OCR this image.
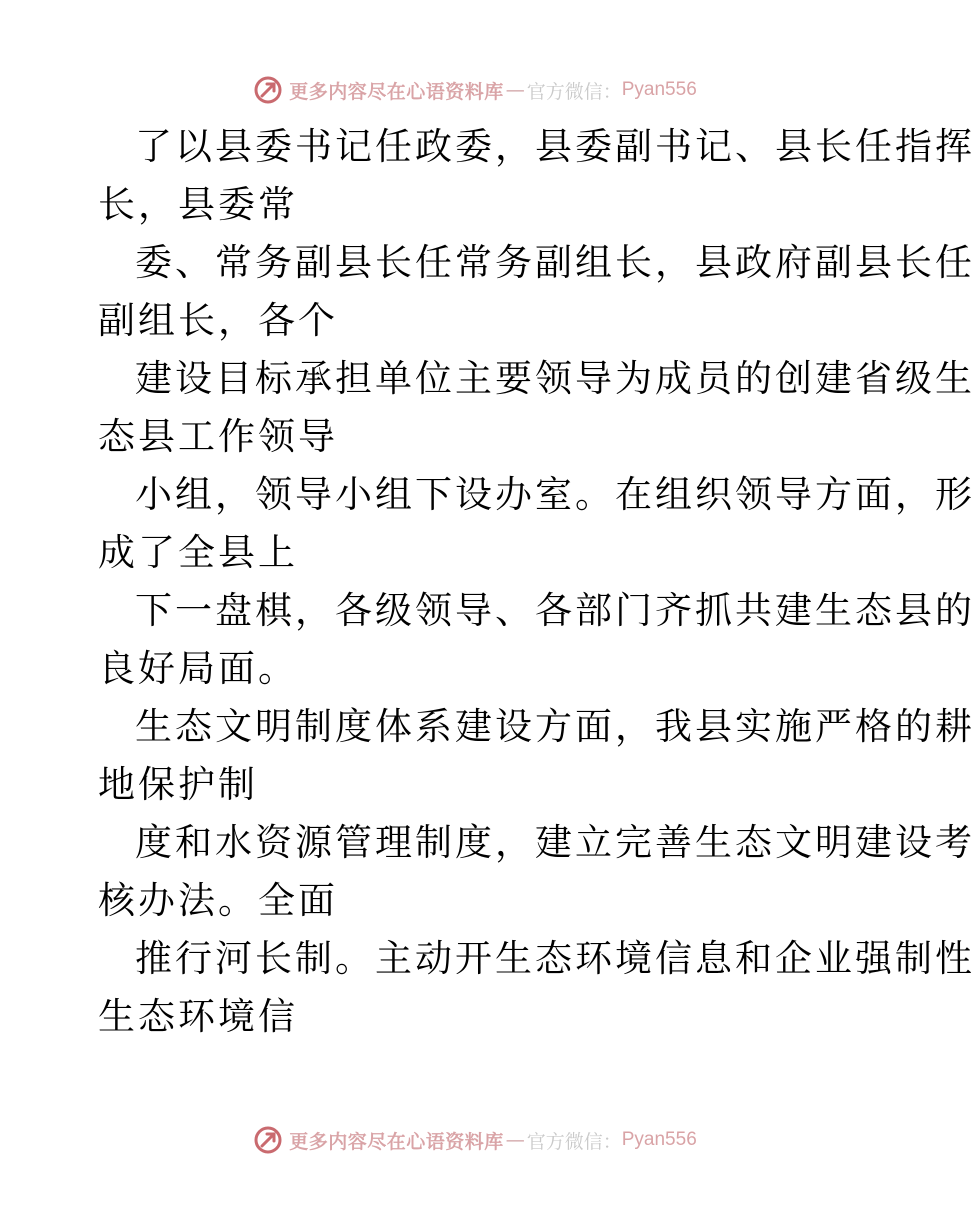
更多内容尽在心语资料库 — 官方微信： Pyan556
了以县委书记任政委，县委副书记、县长任指挥
长，县委常
委、常务副县长任常务副组长，县政府副县长任
副组长，各个
建设目标承担单位主要领导为成员的创建省级生
态县工作领导
小组，领导小组下设办室。在组织领导方面，形
成了全县上
下一盘棋，各级领导、各部门齐抓共建生态县的
良好局面。
生态文明制度体系建设方面，我县实施严格的耕
地保护制
度和水资源管理制度，建立完善生态文明建设考
核办法。全面
推行河长制。主动开生态环境信息和企业强制性
生态环境信
更多内容尽在心语资料库 — 官方微信： Pyan556
